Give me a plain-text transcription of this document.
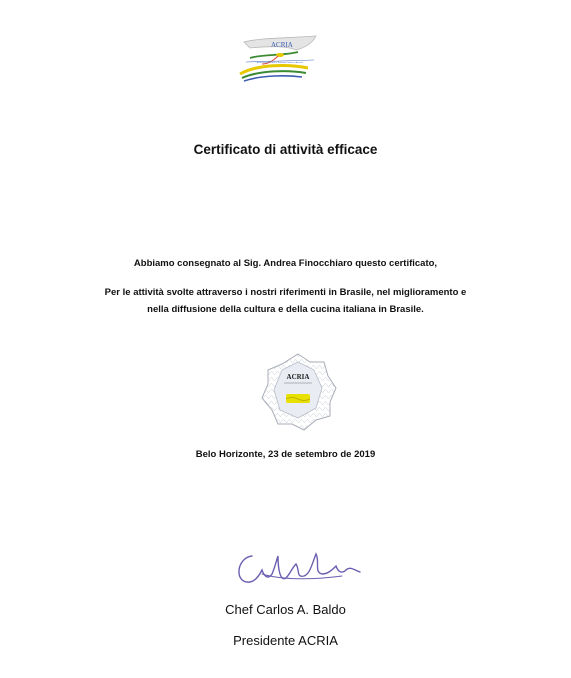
ACRIA
Associazione Cuochi e Ristoratori Italiani in America
Certificato di attività efficace
Abbiamo consegnato al Sig. Andrea Finocchiaro questo certificato,
Per le attività svolte attraverso i nostri riferimenti in Brasile, nel miglioramento e
nella diffusione della cultura e della cucina italiana in Brasile.
ACRIA
Belo Horizonte, 23 de setembro de 2019
Chef Carlos A. Baldo
Presidente ACRIA
